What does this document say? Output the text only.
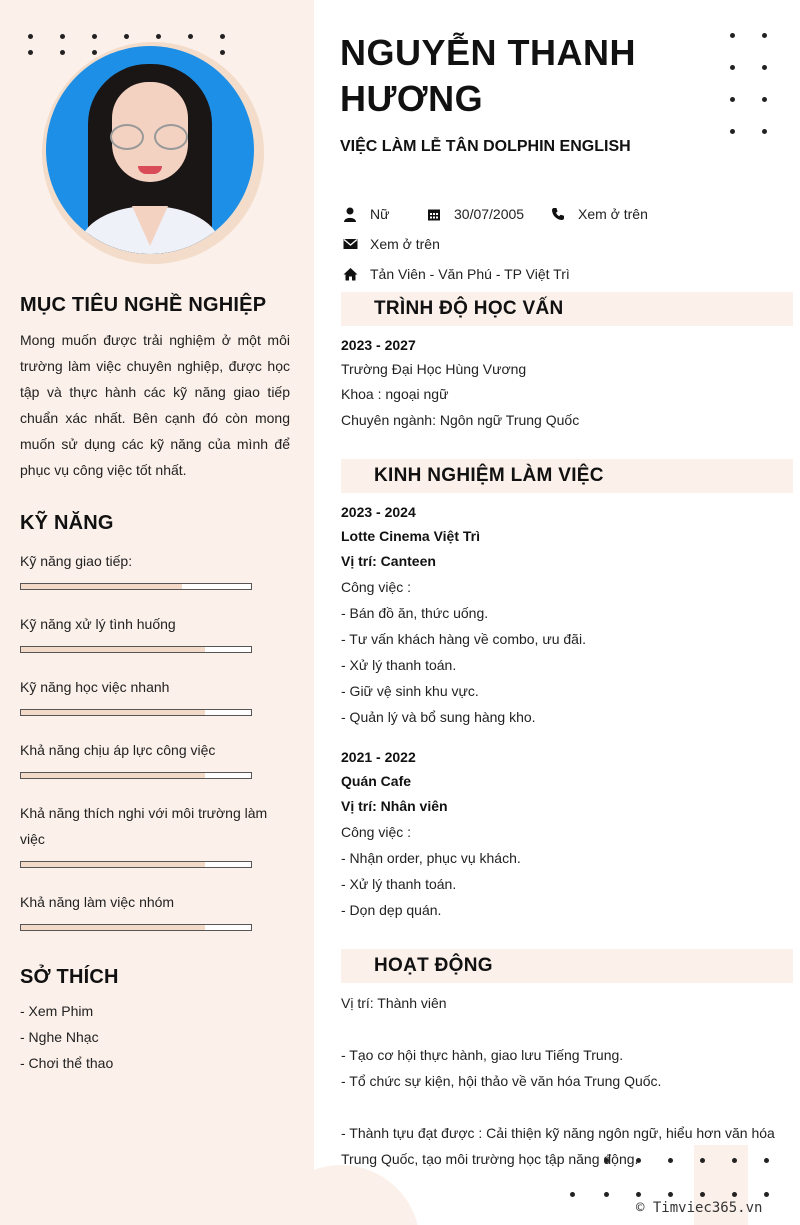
MỤC TIÊU NGHỀ NGHIỆP
Mong muốn được trải nghiệm ở một môi trường làm việc chuyên nghiệp, được học tập và thực hành các kỹ năng giao tiếp chuẩn xác nhất. Bên cạnh đó còn mong muốn sử dụng các kỹ năng của mình để phục vụ công việc tốt nhất.
KỸ NĂNG
Kỹ năng giao tiếp:
Kỹ năng xử lý tình huống
Kỹ năng học việc nhanh
Khả năng chịu áp lực công việc
Khả năng thích nghi với môi trường làm việc
Khả năng làm việc nhóm
SỞ THÍCH
- Xem Phim
- Nghe Nhạc
- Chơi thể thao
NGUYỄN THANH HƯƠNG
VIỆC LÀM LỄ TÂN DOLPHIN ENGLISH
Nữ	30/07/2005	Xem ở trên
Xem ở trên
Tản Viên - Văn Phú - TP Việt Trì
TRÌNH ĐỘ HỌC VẤN
2023 - 2027
Trường Đại Học Hùng Vương
Khoa : ngoại ngữ
Chuyên ngành: Ngôn ngữ Trung Quốc
KINH NGHIỆM LÀM VIỆC
2023 - 2024
Lotte Cinema Việt Trì
Vị trí: Canteen
Công việc :
- Bán đồ ăn, thức uống.
- Tư vấn khách hàng về combo, ưu đãi.
- Xử lý thanh toán.
- Giữ vệ sinh khu vực.
- Quản lý và bổ sung hàng kho.
2021 - 2022
Quán Cafe
Vị trí: Nhân viên
Công việc :
- Nhận order, phục vụ khách.
- Xử lý thanh toán.
- Dọn dẹp quán.
HOẠT ĐỘNG
Vị trí: Thành viên
- Tạo cơ hội thực hành, giao lưu Tiếng Trung.
- Tổ chức sự kiện, hội thảo về văn hóa Trung Quốc.
- Thành tựu đạt được : Cải thiện kỹ năng ngôn ngữ, hiểu hơn văn hóa
Trung Quốc, tạo môi trường học tập năng động.
© Timviec365.vn
